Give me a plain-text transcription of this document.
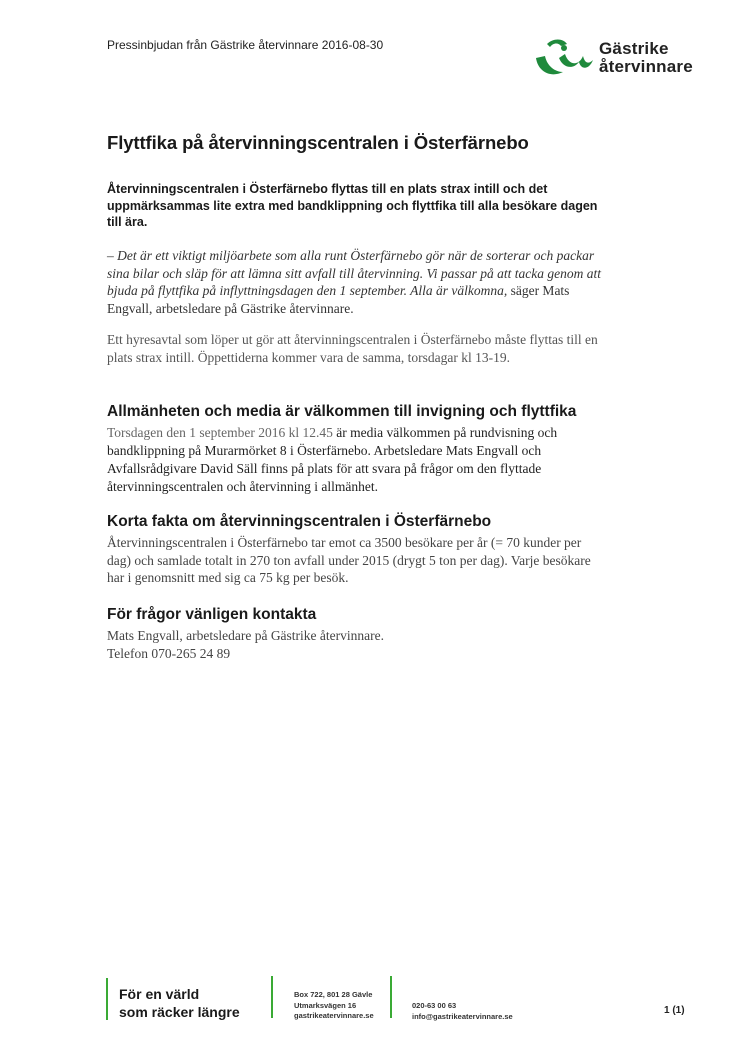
Pressinbjudan från Gästrike återvinnare 2016-08-30	Gästrike
återvinnare
Flyttfika på återvinningscentralen i Österfärnebo

Återvinningscentralen i Österfärnebo flyttas till en plats strax intill och det uppmärksammas lite extra med bandklippning och flyttfika till alla besökare dagen till ära.

– Det är ett viktigt miljöarbete som alla runt Österfärnebo gör när de sorterar och packar sina bilar och släp för att lämna sitt avfall till återvinning. Vi passar på att tacka genom att bjuda på flyttfika på inflyttningsdagen den 1 september. Alla är välkomna, säger Mats Engvall, arbetsledare på Gästrike återvinnare.

Ett hyresavtal som löper ut gör att återvinningscentralen i Österfärnebo måste flyttas till en plats strax intill. Öppettiderna kommer vara de samma, torsdagar kl 13-19.

Allmänheten och media är välkommen till invigning och flyttfika

Torsdagen den 1 september 2016 kl 12.45 är media välkommen på rundvisning och bandklippning på Murarmörket 8 i Österfärnebo. Arbetsledare Mats Engvall och Avfallsrådgivare David Säll finns på plats för att svara på frågor om den flyttade återvinningscentralen och återvinning i allmänhet.

Korta fakta om återvinningscentralen i Österfärnebo

Återvinningscentralen i Österfärnebo tar emot ca 3500 besökare per år (= 70 kunder per dag) och samlade totalt in 270 ton avfall under 2015 (drygt 5 ton per dag). Varje besökare har i genomsnitt med sig ca 75 kg per besök.

För frågor vänligen kontakta

Mats Engvall, arbetsledare på Gästrike återvinnare.
Telefon 070-265 24 89

För en värld
som räcker längre
Box 722, 801 28 Gävle
Utmarksvägen 16
gastrikeatervinnare.se
020-63 00 63
info@gastrikeatervinnare.se	1 (1)
